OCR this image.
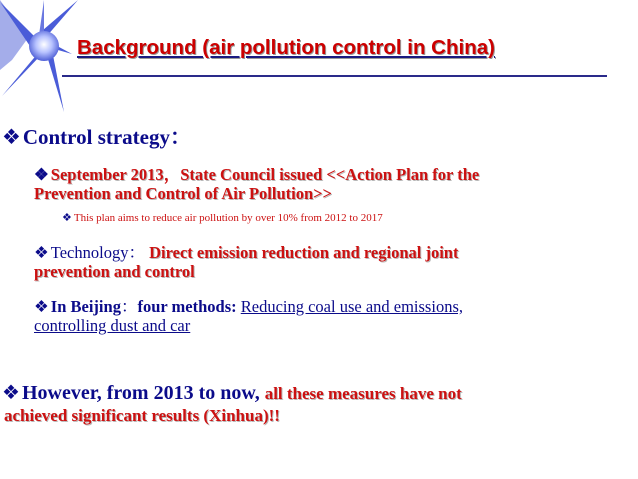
Background (air pollution control in China)
❖Control strategy：
❖ September 2013，State Council issued <<Action Plan for the
Prevention and Control of Air Pollution>>
❖ This plan aims to reduce air pollution by over 10% from 2012 to 2017
❖ Technology： Direct emission reduction and regional joint
prevention and control
❖ In Beijing：four methods: Reducing coal use and emissions,
controlling dust and car
❖ However, from 2013 to now, all these measures have not
achieved significant results (Xinhua)!!
